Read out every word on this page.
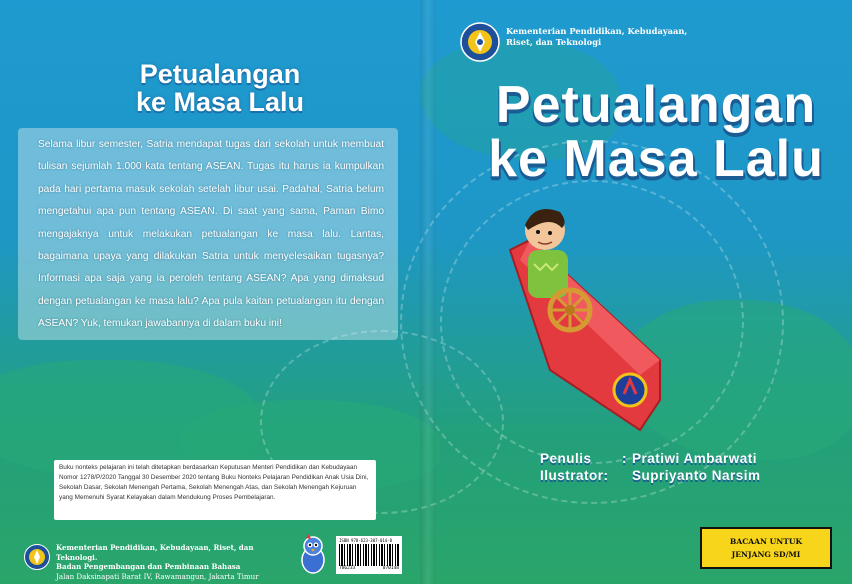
Petualangan
ke Masa Lalu

Selama libur semester, Satria mendapat tugas dari sekolah untuk membuat tulisan sejumlah 1.000 kata tentang ASEAN. Tugas itu harus ia kumpulkan pada hari pertama masuk sekolah setelah libur usai. Padahal, Satria belum mengetahui apa pun tentang ASEAN. Di saat yang sama, Paman Bimo mengajaknya untuk melakukan petualangan ke masa lalu. Lantas, bagaimana upaya yang dilakukan Satria untuk menyelesaikan tugasnya? Informasi apa saja yang ia peroleh tentang ASEAN? Apa yang dimaksud dengan petualangan ke masa lalu? Apa pula kaitan petualangan itu dengan ASEAN? Yuk, temukan jawabannya di dalam buku ini!

Buku nonteks pelajaran ini telah ditetapkan berdasarkan Keputusan Menteri Pendidikan dan Kebudayaan Nomor 1278/P/2020 Tanggal 30 Desember 2020 tentang Buku Nonteks Pelajaran Pendidikan Anak Usia Dini, Sekolah Dasar, Sekolah Menengah Pertama, Sekolah Menengah Atas, dan Sekolah Menengah Kejuruan yang Memenuhi Syarat Kelayakan dalam Mendukung Proses Pembelajaran.
Kementerian Pendidikan, Kebudayaan, Riset, dan Teknologi.
Badan Pengembangan dan Pembinaan Bahasa
Jalan Daksinapati Barat IV, Rawamangun, Jakarta Timur
ISBN 978-623-307-014-8
786233	070148
Kementerian Pendidikan, Kebudayaan,
Riset, dan Teknologi
Petualangan
ke Masa Lalu
Penulis	: Pratiwi Ambarwati
Ilustrator:	Supriyanto Narsim
BACAAN UNTUK
JENJANG SD/MI
